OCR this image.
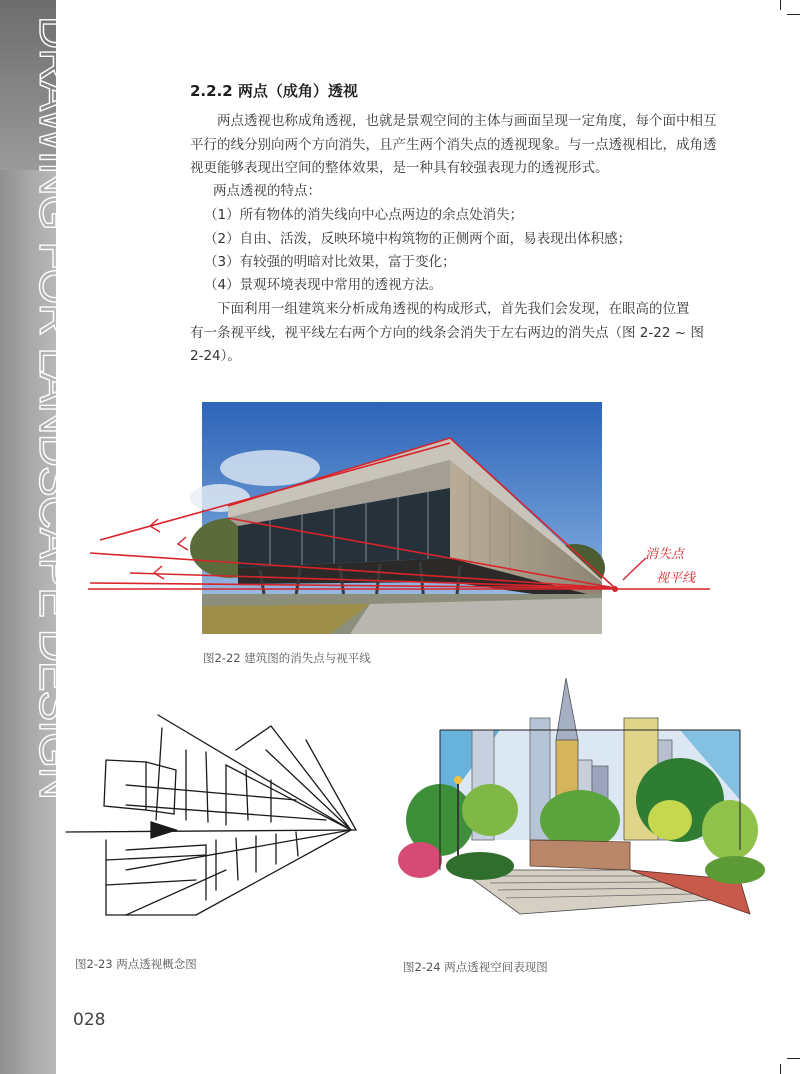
DRAWING FOR LANDSCAPE DESIGN	2.2.2 两点（成角）透视
两点透视也称成角透视，也就是景观空间的主体与画面呈现一定角度，每个面中相互
平行的线分别向两个方向消失，且产生两个消失点的透视现象。与一点透视相比，成角透
视更能够表现出空间的整体效果，是一种具有较强表现力的透视形式。
两点透视的特点：
（1）所有物体的消失线向中心点两边的余点处消失；
（2）自由、活泼，反映环境中构筑物的正侧两个面，易表现出体积感；
（3）有较强的明暗对比效果，富于变化；
（4）景观环境表现中常用的透视方法。
下面利用一组建筑来分析成角透视的构成形式，首先我们会发现，在眼高的位置
有一条视平线，视平线左右两个方向的线条会消失于左右两边的消失点（图 2-22 ~ 图
2-24）。
消失点
视平线
图2-22 建筑图的消失点与视平线
图2-23 两点透视概念图	图2-24 两点透视空间表现图
028
